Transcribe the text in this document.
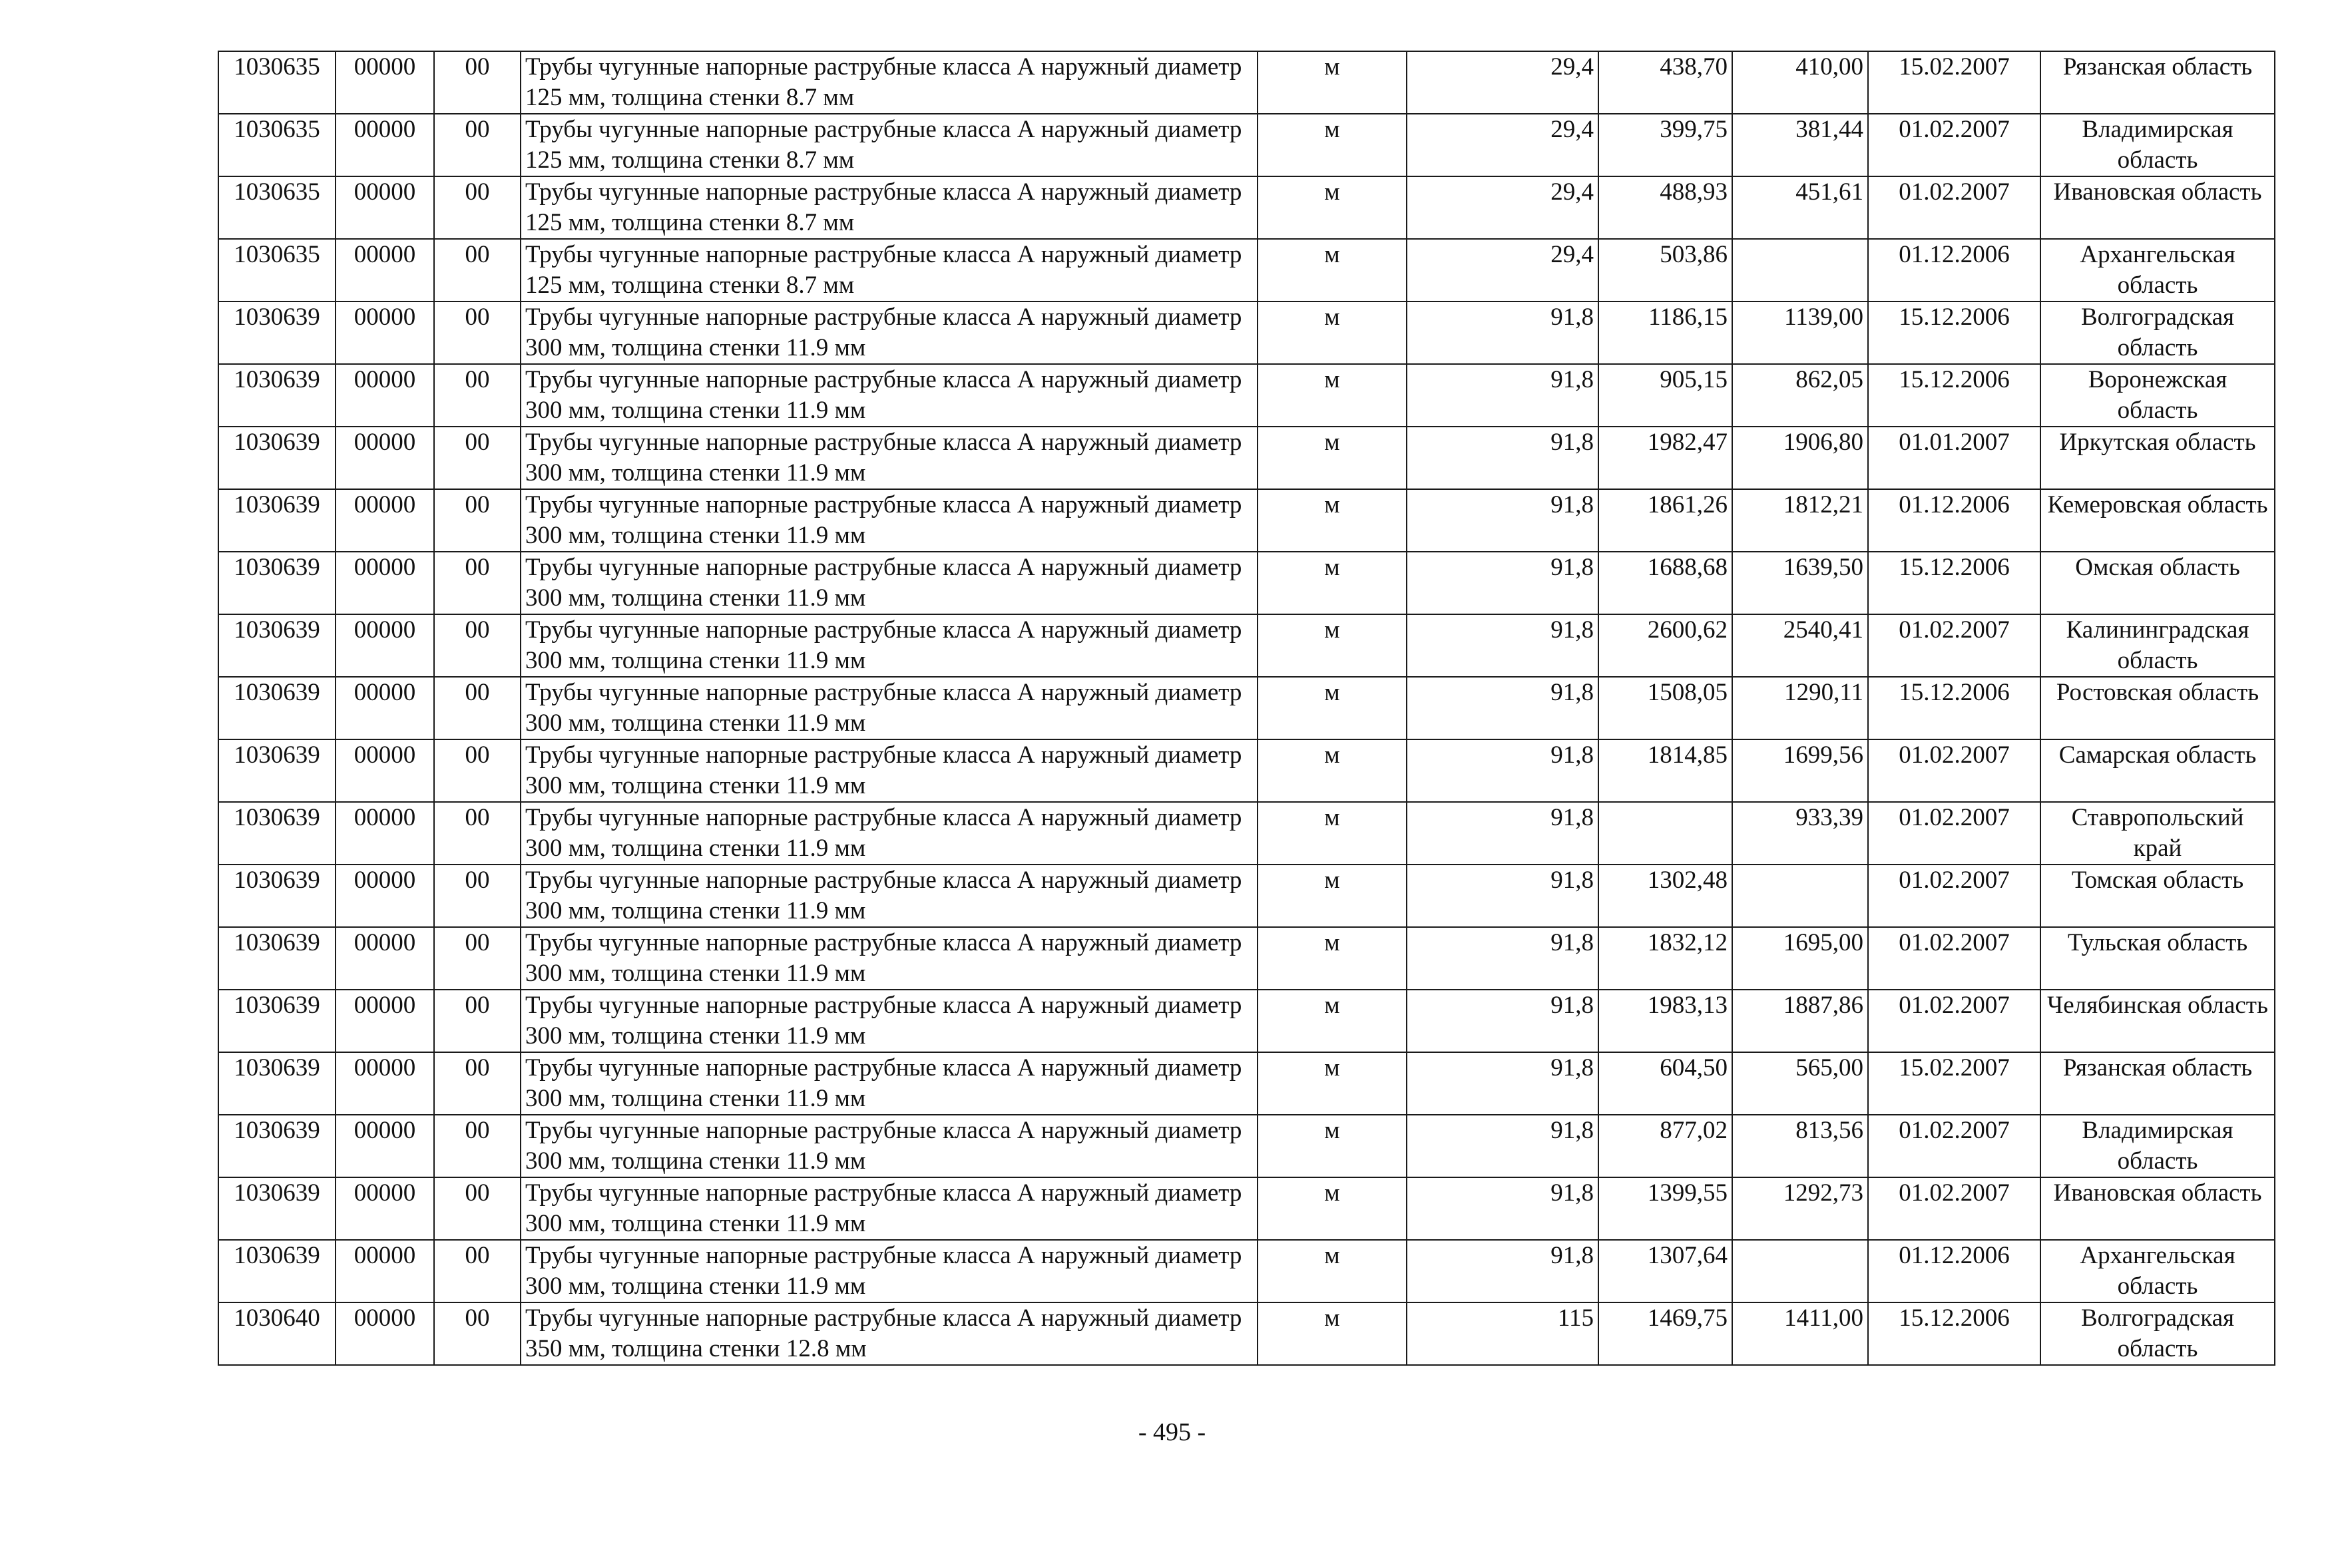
1030635	00000	00	Трубы чугунные напорные раструбные класса А наружный диаметр 125 мм, толщина стенки 8.7 мм	м	29,4	438,70	410,00	15.02.2007	Рязанская область
1030635	00000	00	Трубы чугунные напорные раструбные класса А наружный диаметр 125 мм, толщина стенки 8.7 мм	м	29,4	399,75	381,44	01.02.2007	Владимирская область
1030635	00000	00	Трубы чугунные напорные раструбные класса А наружный диаметр 125 мм, толщина стенки 8.7 мм	м	29,4	488,93	451,61	01.02.2007	Ивановская область
1030635	00000	00	Трубы чугунные напорные раструбные класса А наружный диаметр 125 мм, толщина стенки 8.7 мм	м	29,4	503,86		01.12.2006	Архангельская область
1030639	00000	00	Трубы чугунные напорные раструбные класса А наружный диаметр 300 мм, толщина стенки 11.9 мм	м	91,8	1186,15	1139,00	15.12.2006	Волгоградская область
1030639	00000	00	Трубы чугунные напорные раструбные класса А наружный диаметр 300 мм, толщина стенки 11.9 мм	м	91,8	905,15	862,05	15.12.2006	Воронежская область
1030639	00000	00	Трубы чугунные напорные раструбные класса А наружный диаметр 300 мм, толщина стенки 11.9 мм	м	91,8	1982,47	1906,80	01.01.2007	Иркутская область
1030639	00000	00	Трубы чугунные напорные раструбные класса А наружный диаметр 300 мм, толщина стенки 11.9 мм	м	91,8	1861,26	1812,21	01.12.2006	Кемеровская область
1030639	00000	00	Трубы чугунные напорные раструбные класса А наружный диаметр 300 мм, толщина стенки 11.9 мм	м	91,8	1688,68	1639,50	15.12.2006	Омская область
1030639	00000	00	Трубы чугунные напорные раструбные класса А наружный диаметр 300 мм, толщина стенки 11.9 мм	м	91,8	2600,62	2540,41	01.02.2007	Калининградская область
1030639	00000	00	Трубы чугунные напорные раструбные класса А наружный диаметр 300 мм, толщина стенки 11.9 мм	м	91,8	1508,05	1290,11	15.12.2006	Ростовская область
1030639	00000	00	Трубы чугунные напорные раструбные класса А наружный диаметр 300 мм, толщина стенки 11.9 мм	м	91,8	1814,85	1699,56	01.02.2007	Самарская область
1030639	00000	00	Трубы чугунные напорные раструбные класса А наружный диаметр 300 мм, толщина стенки 11.9 мм	м	91,8		933,39	01.02.2007	Ставропольский край
1030639	00000	00	Трубы чугунные напорные раструбные класса А наружный диаметр 300 мм, толщина стенки 11.9 мм	м	91,8	1302,48		01.02.2007	Томская область
1030639	00000	00	Трубы чугунные напорные раструбные класса А наружный диаметр 300 мм, толщина стенки 11.9 мм	м	91,8	1832,12	1695,00	01.02.2007	Тульская область
1030639	00000	00	Трубы чугунные напорные раструбные класса А наружный диаметр 300 мм, толщина стенки 11.9 мм	м	91,8	1983,13	1887,86	01.02.2007	Челябинская область
1030639	00000	00	Трубы чугунные напорные раструбные класса А наружный диаметр 300 мм, толщина стенки 11.9 мм	м	91,8	604,50	565,00	15.02.2007	Рязанская область
1030639	00000	00	Трубы чугунные напорные раструбные класса А наружный диаметр 300 мм, толщина стенки 11.9 мм	м	91,8	877,02	813,56	01.02.2007	Владимирская область
1030639	00000	00	Трубы чугунные напорные раструбные класса А наружный диаметр 300 мм, толщина стенки 11.9 мм	м	91,8	1399,55	1292,73	01.02.2007	Ивановская область
1030639	00000	00	Трубы чугунные напорные раструбные класса А наружный диаметр 300 мм, толщина стенки 11.9 мм	м	91,8	1307,64		01.12.2006	Архангельская область
1030640	00000	00	Трубы чугунные напорные раструбные класса А наружный диаметр 350 мм, толщина стенки 12.8 мм	м	115	1469,75	1411,00	15.12.2006	Волгоградская область
- 495 -
